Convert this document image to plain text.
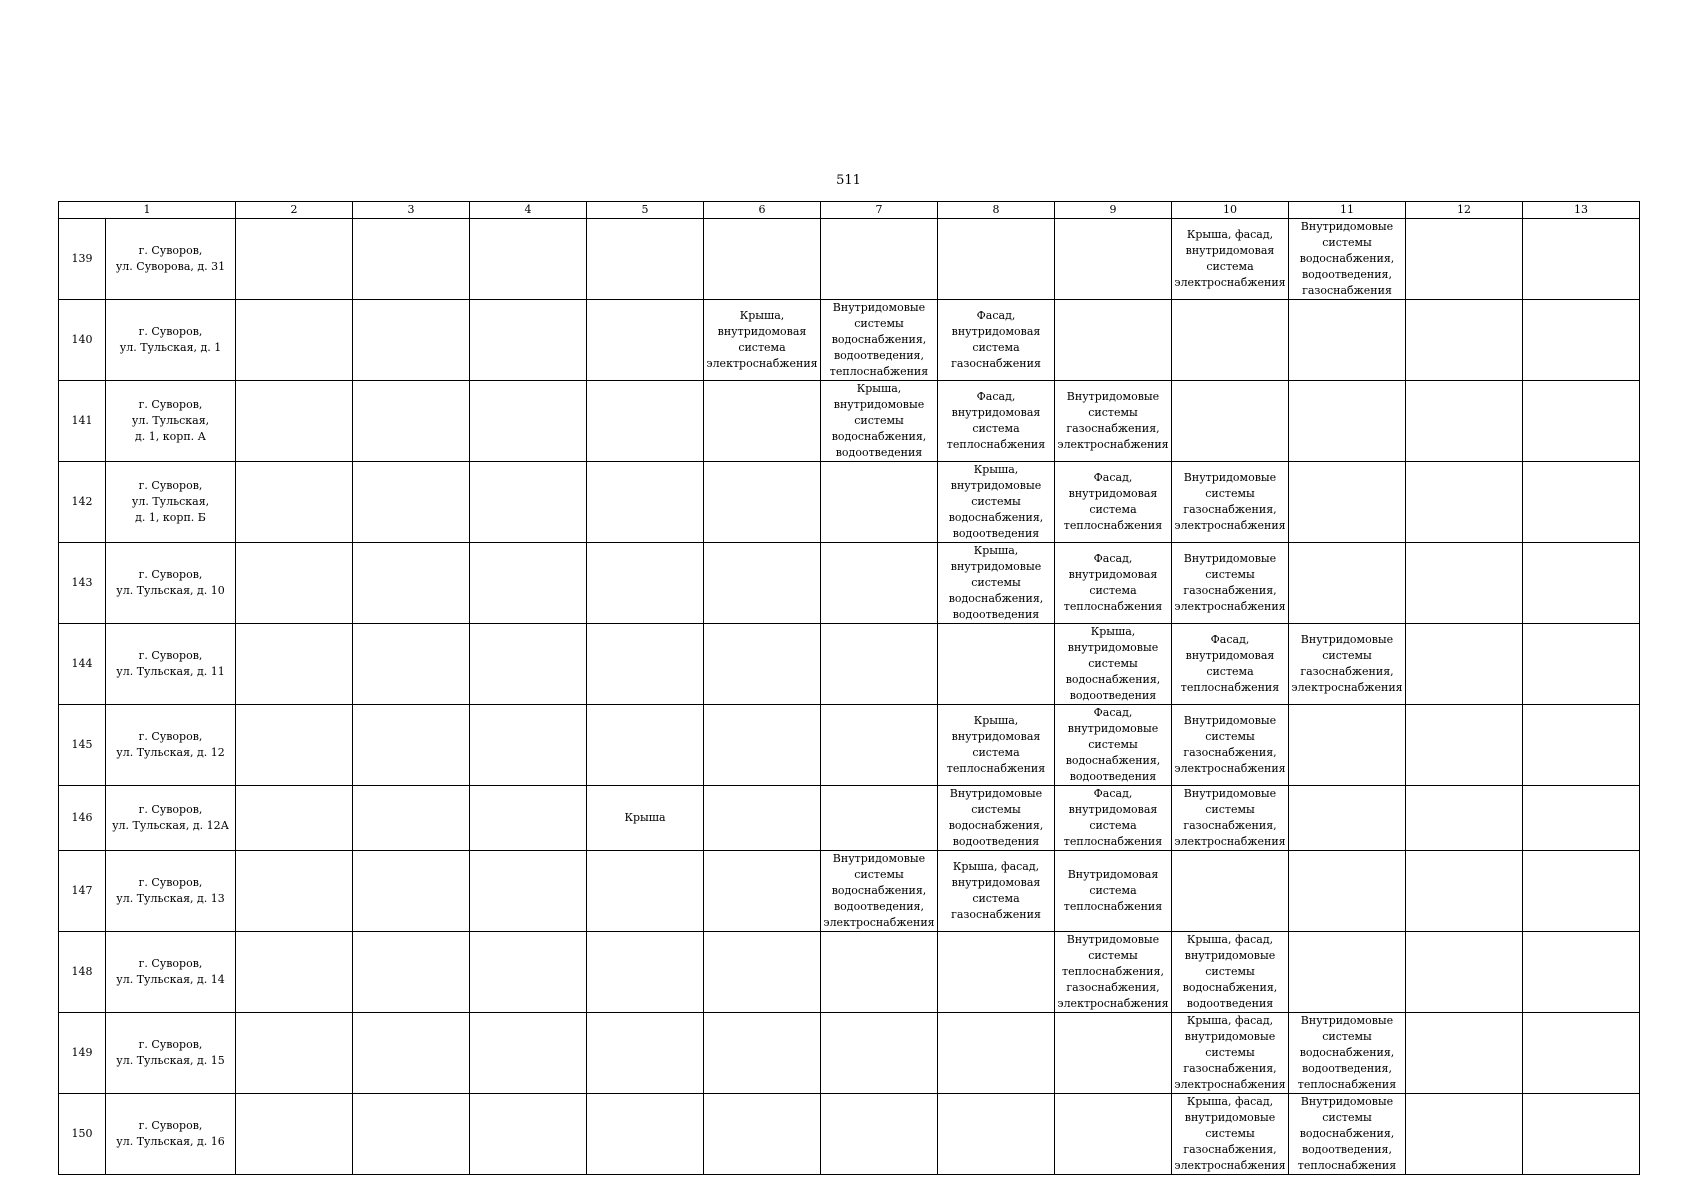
511
1		2	3	4	5	6	7	8	9	10	11	12	13
139	г. Суворов,
ул. Суворова, д. 31									Крыша, фасад,
внутридомовая
система
электроснабжения	Внутридомовые
системы
водоснабжения,
водоотведения,
газоснабжения		
140	г. Суворов,
ул. Тульская, д. 1					Крыша,
внутридомовая
система
электроснабжения	Внутридомовые
системы
водоснабжения,
водоотведения,
теплоснабжения	Фасад,
внутридомовая
система
газоснабжения					
141	г. Суворов,
ул. Тульская,
д. 1, корп. А						Крыша,
внутридомовые
системы
водоснабжения,
водоотведения	Фасад,
внутридомовая
система
теплоснабжения	Внутридомовые
системы
газоснабжения,
электроснабжения				
142	г. Суворов,
ул. Тульская,
д. 1, корп. Б							Крыша,
внутридомовые
системы
водоснабжения,
водоотведения	Фасад,
внутридомовая
система
теплоснабжения	Внутридомовые
системы
газоснабжения,
электроснабжения			
143	г. Суворов,
ул. Тульская, д. 10							Крыша,
внутридомовые
системы
водоснабжения,
водоотведения	Фасад,
внутридомовая
система
теплоснабжения	Внутридомовые
системы
газоснабжения,
электроснабжения			
144	г. Суворов,
ул. Тульская, д. 11								Крыша,
внутридомовые
системы
водоснабжения,
водоотведения	Фасад,
внутридомовая
система
теплоснабжения	Внутридомовые
системы
газоснабжения,
электроснабжения		
145	г. Суворов,
ул. Тульская, д. 12							Крыша,
внутридомовая
система
теплоснабжения	Фасад,
внутридомовые
системы
водоснабжения,
водоотведения	Внутридомовые
системы
газоснабжения,
электроснабжения			
146	г. Суворов,
ул. Тульская, д. 12А				Крыша			Внутридомовые
системы
водоснабжения,
водоотведения	Фасад,
внутридомовая
система
теплоснабжения	Внутридомовые
системы
газоснабжения,
электроснабжения			
147	г. Суворов,
ул. Тульская, д. 13						Внутридомовые
системы
водоснабжения,
водоотведения,
электроснабжения	Крыша, фасад,
внутридомовая
система
газоснабжения	Внутридомовая
система
теплоснабжения				
148	г. Суворов,
ул. Тульская, д. 14								Внутридомовые
системы
теплоснабжения,
газоснабжения,
электроснабжения	Крыша, фасад,
внутридомовые
системы
водоснабжения,
водоотведения			
149	г. Суворов,
ул. Тульская, д. 15									Крыша, фасад,
внутридомовые
системы
газоснабжения,
электроснабжения	Внутридомовые
системы
водоснабжения,
водоотведения,
теплоснабжения		
150	г. Суворов,
ул. Тульская, д. 16									Крыша, фасад,
внутридомовые
системы
газоснабжения,
электроснабжения	Внутридомовые
системы
водоснабжения,
водоотведения,
теплоснабжения		
